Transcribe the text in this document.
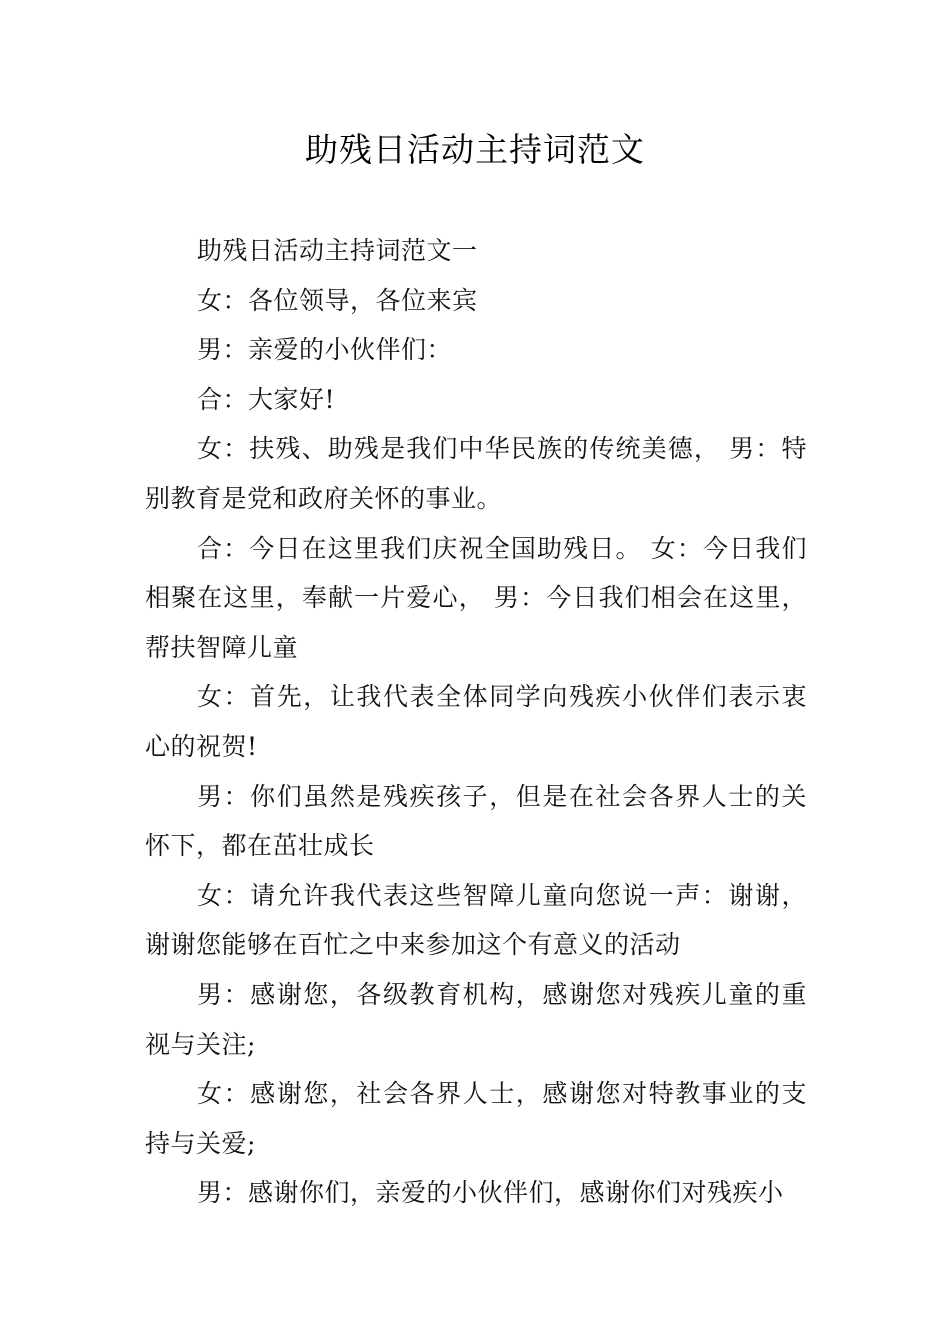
助残日活动主持词范文

助残日活动主持词范文一

女：各位领导，各位来宾

男：亲爱的小伙伴们：

合：大家好!

女：扶残、助残是我们中华民族的传统美德， 男：特别教育是党和政府关怀的事业。

合：今日在这里我们庆祝全国助残日。 女：今日我们相聚在这里，奉献一片爱心， 男：今日我们相会在这里，帮扶智障儿童

女：首先，让我代表全体同学向残疾小伙伴们表示衷心的祝贺!

男：你们虽然是残疾孩子，但是在社会各界人士的关怀下，都在茁壮成长

女：请允许我代表这些智障儿童向您说一声：谢谢，谢谢您能够在百忙之中来参加这个有意义的活动

男：感谢您，各级教育机构，感谢您对残疾儿童的重视与关注;

女：感谢您，社会各界人士，感谢您对特教事业的支持与关爱;

男：感谢你们，亲爱的小伙伴们，感谢你们对残疾小
